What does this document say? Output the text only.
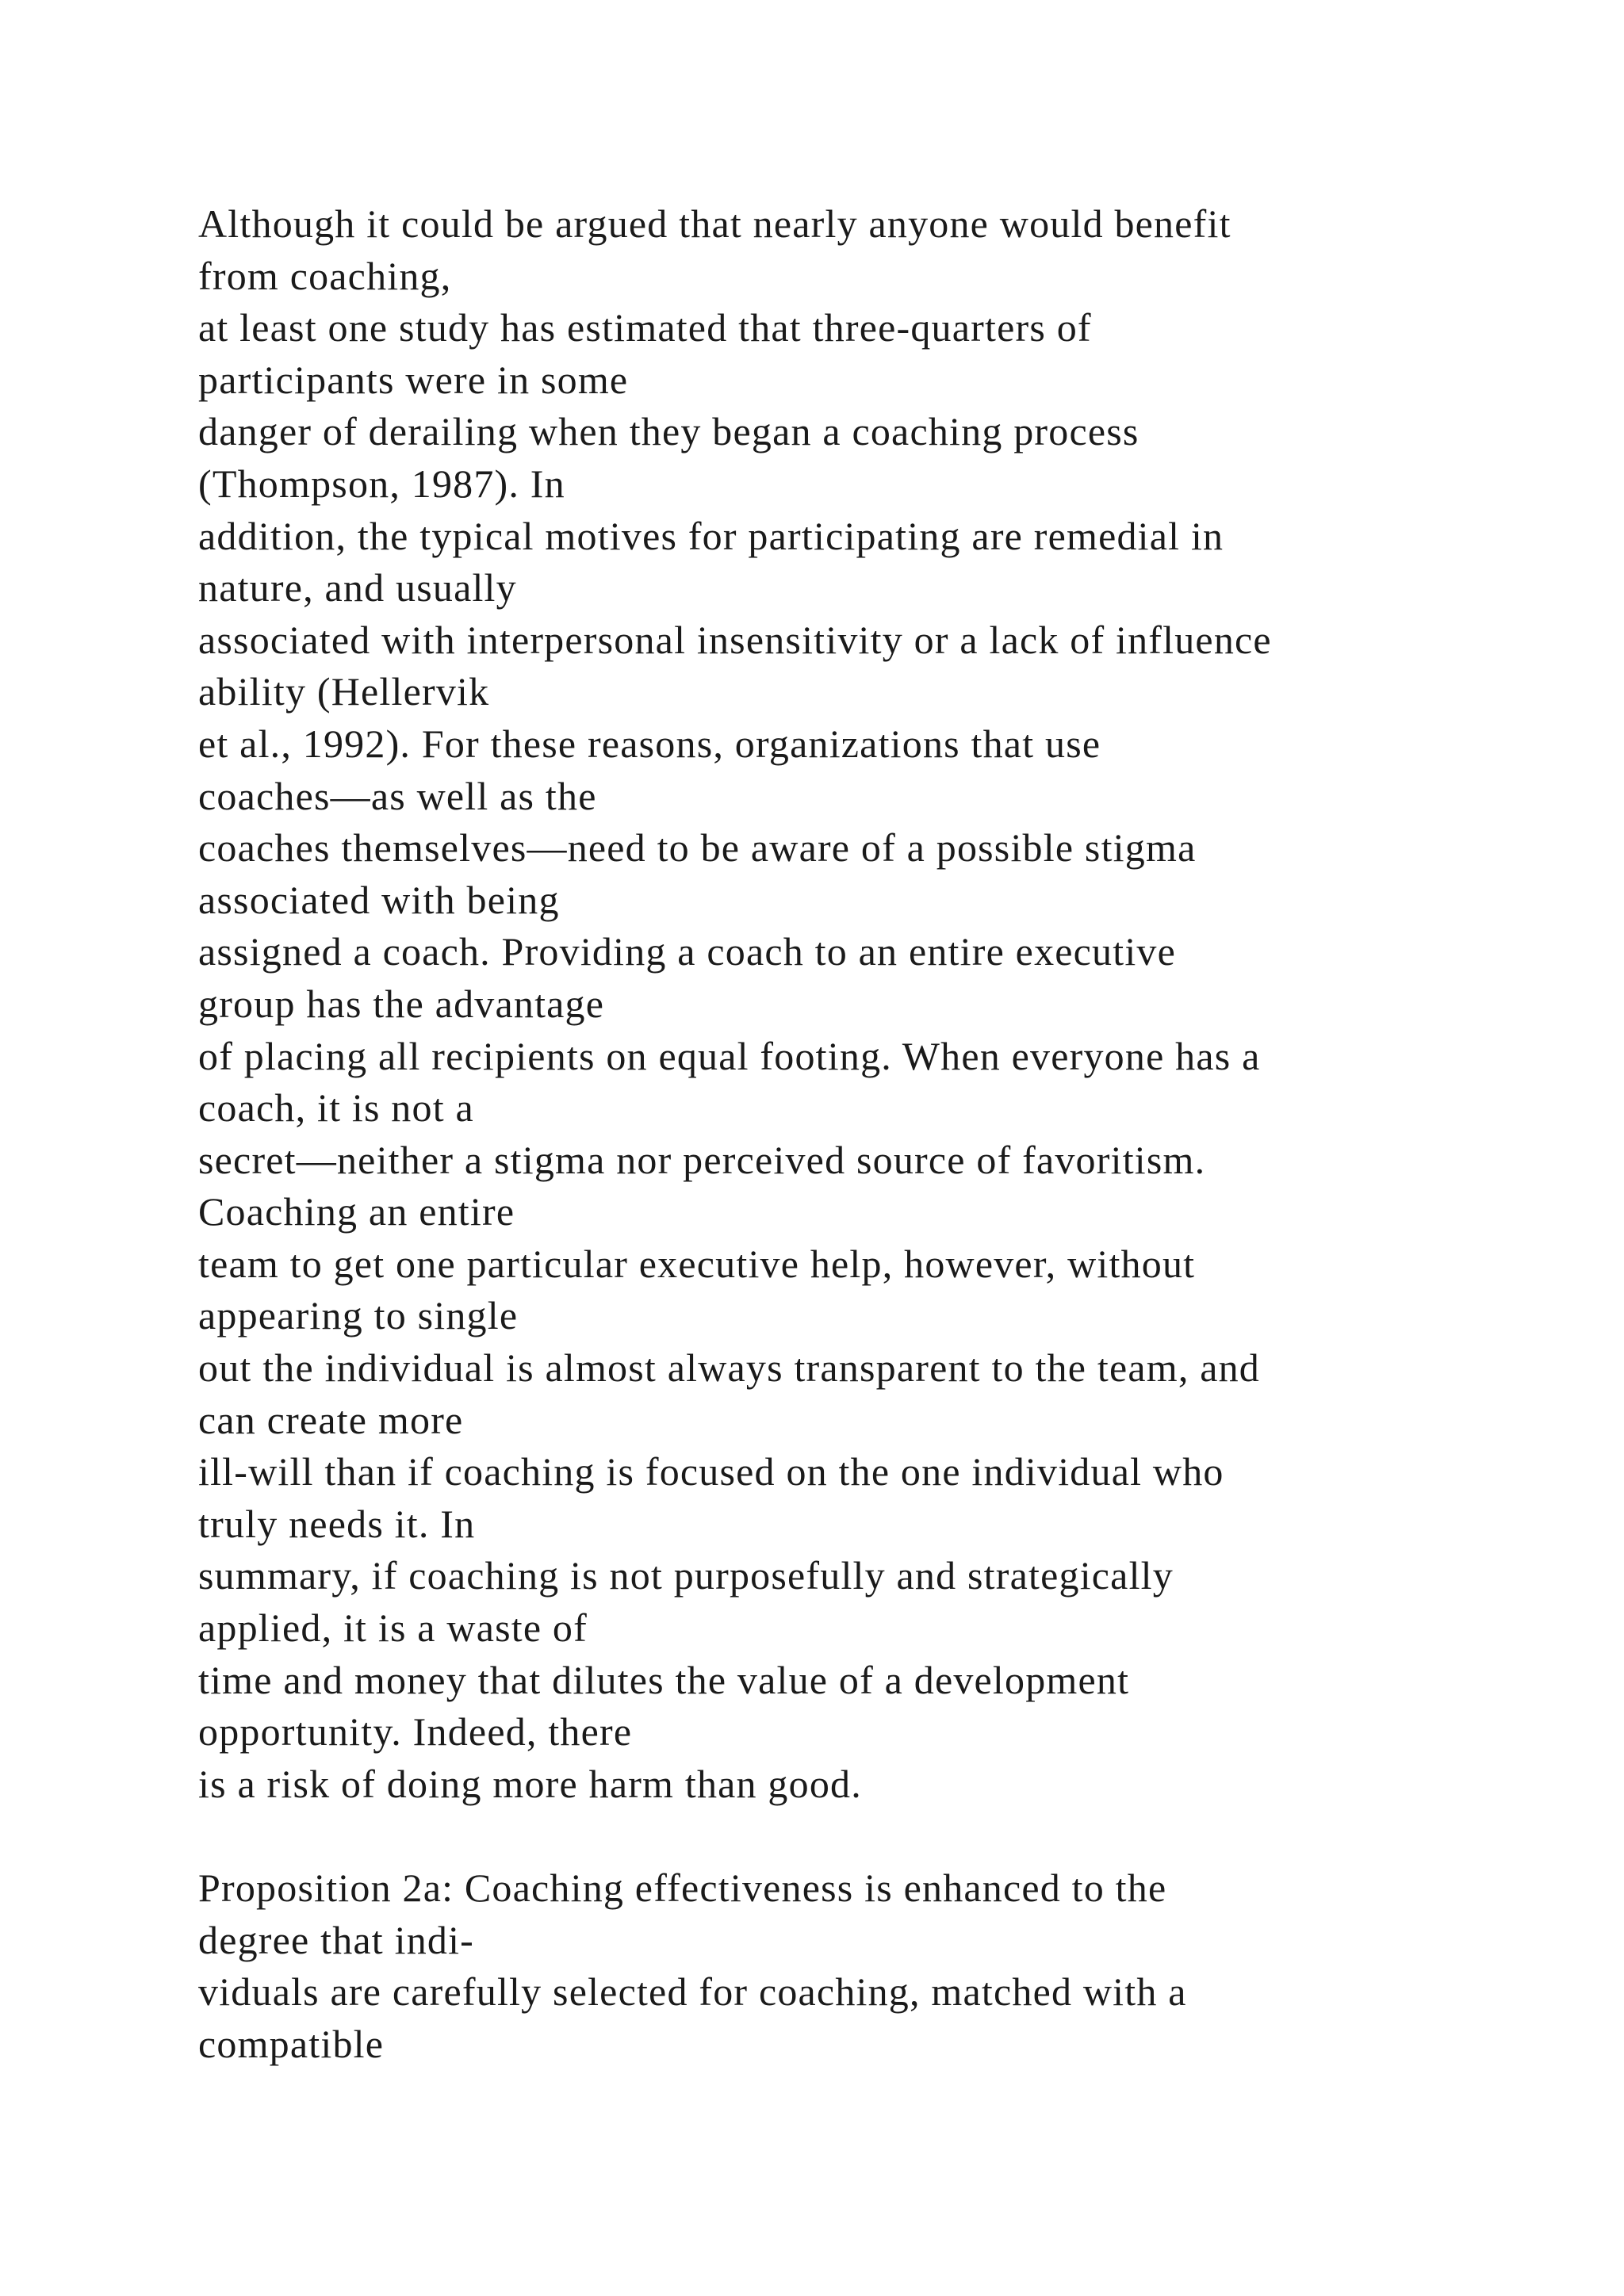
Although it could be argued that nearly anyone would benefit
from coaching,
at least one study has estimated that three-quarters of
participants were in some
danger of derailing when they began a coaching process
(Thompson, 1987). In
addition, the typical motives for participating are remedial in
nature, and usually
associated with interpersonal insensitivity or a lack of influence
ability (Hellervik
et al., 1992). For these reasons, organizations that use
coaches—as well as the
coaches themselves—need to be aware of a possible stigma
associated with being
assigned a coach. Providing a coach to an entire executive
group has the advantage
of placing all recipients on equal footing. When everyone has a
coach, it is not a
secret—neither a stigma nor perceived source of favoritism.
Coaching an entire
team to get one particular executive help, however, without
appearing to single
out the individual is almost always transparent to the team, and
can create more
ill-will than if coaching is focused on the one individual who
truly needs it. In
summary, if coaching is not purposefully and strategically
applied, it is a waste of
time and money that dilutes the value of a development
opportunity. Indeed, there
is a risk of doing more harm than good.
Proposition 2a: Coaching effectiveness is enhanced to the
degree that indi-
viduals are carefully selected for coaching, matched with a
compatible
